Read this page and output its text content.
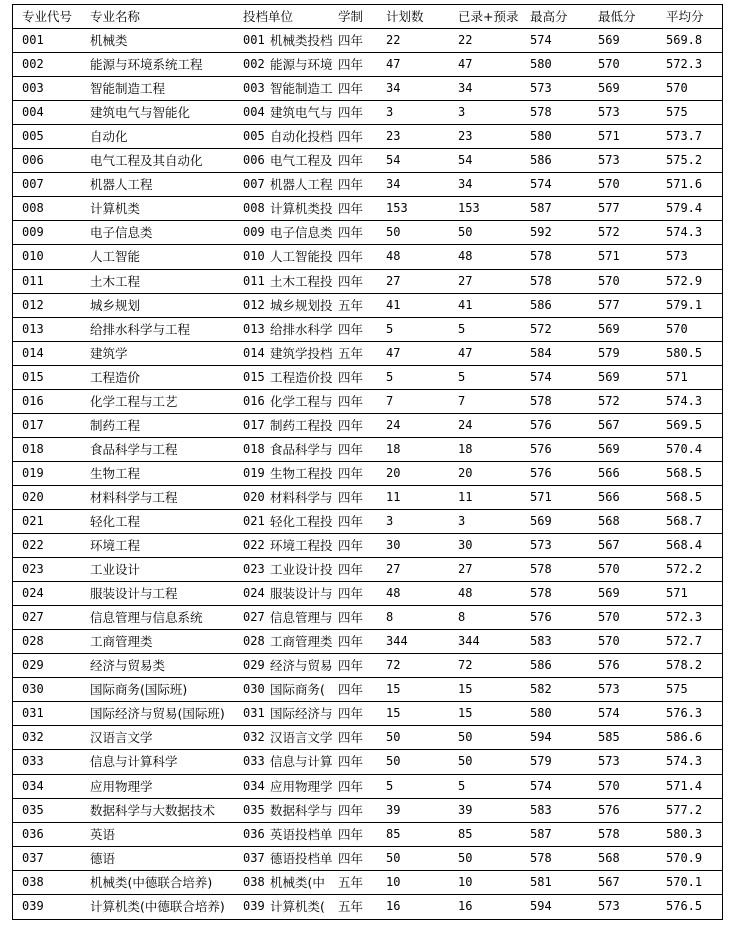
专业代号	专业名称	投档单位	学制	计划数	已录+预录 最高分	最低分	平均分
001	机械类	001 机械类投档 四年	22	22	574	569	569.8
002	能源与环境系统工程	002 能源与环境 四年	47	47	580	570	572.3
003	智能制造工程	003 智能制造工 四年	34	34	573	569	570
004	建筑电气与智能化	004 建筑电气与 四年	3	3	578	573	575
005	自动化	005 自动化投档 四年	23	23	580	571	573.7
006	电气工程及其自动化	006 电气工程及 四年	54	54	586	573	575.2
007	机器人工程	007 机器人工程 四年	34	34	574	570	571.6
008	计算机类	008 计算机类投 四年	153	153	587	577	579.4
009	电子信息类	009 电子信息类 四年	50	50	592	572	574.3
010	人工智能	010 人工智能投 四年	48	48	578	571	573
011	土木工程	011 土木工程投 四年	27	27	578	570	572.9
012	城乡规划	012 城乡规划投 五年	41	41	586	577	579.1
013	给排水科学与工程	013 给排水科学 四年	5	5	572	569	570
014	建筑学	014 建筑学投档 五年	47	47	584	579	580.5
015	工程造价	015 工程造价投 四年	5	5	574	569	571
016	化学工程与工艺	016 化学工程与 四年	7	7	578	572	574.3
017	制药工程	017 制药工程投 四年	24	24	576	567	569.5
018	食品科学与工程	018 食品科学与 四年	18	18	576	569	570.4
019	生物工程	019 生物工程投 四年	20	20	576	566	568.5
020	材料科学与工程	020 材料科学与 四年	11	11	571	566	568.5
021	轻化工程	021 轻化工程投 四年	3	3	569	568	568.7
022	环境工程	022 环境工程投 四年	30	30	573	567	568.4
023	工业设计	023 工业设计投 四年	27	27	578	570	572.2
024	服装设计与工程	024 服装设计与 四年	48	48	578	569	571
027	信息管理与信息系统	027 信息管理与 四年	8	8	576	570	572.3
028	工商管理类	028 工商管理类 四年	344	344	583	570	572.7
029	经济与贸易类	029 经济与贸易 四年	72	72	586	576	578.2
030	国际商务(国际班)	030 国际商务(	四年	15	15	582	573	575
031	国际经济与贸易(国际班)	031 国际经济与 四年	15	15	580	574	576.3
032	汉语言文学	032 汉语言文学 四年	50	50	594	585	586.6
033	信息与计算科学	033 信息与计算 四年	50	50	579	573	574.3
034	应用物理学	034 应用物理学 四年	5	5	574	570	571.4
035	数据科学与大数据技术	035 数据科学与 四年	39	39	583	576	577.2
036	英语	036 英语投档单 四年	85	85	587	578	580.3
037	德语	037 德语投档单 四年	50	50	578	568	570.9
038	机械类(中德联合培养)	038 机械类(中	五年	10	10	581	567	570.1
039	计算机类(中德联合培养)	039 计算机类(	五年	16	16	594	573	576.5
